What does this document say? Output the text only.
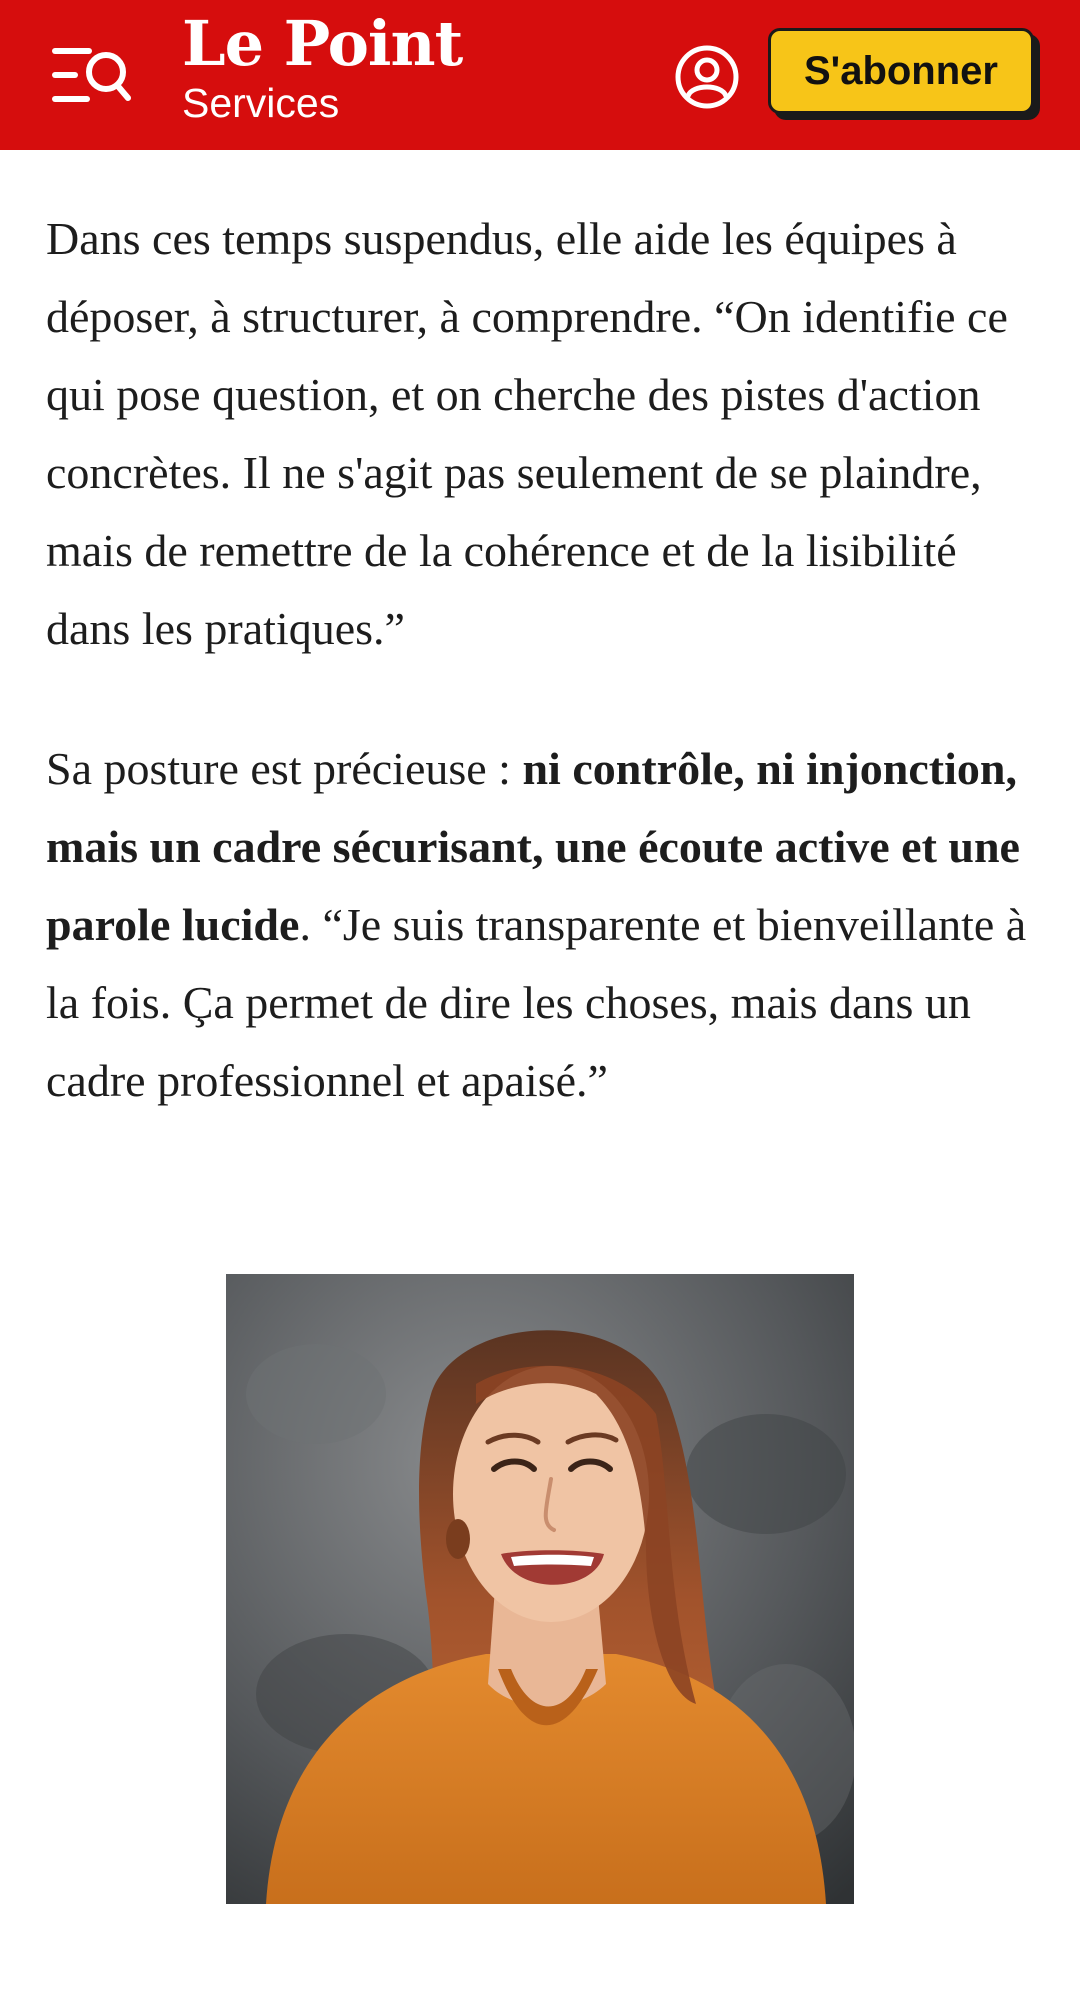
Le Point
Services
S'abonner

Dans ces temps suspendus, elle aide les équipes à déposer, à structurer, à comprendre. “On identifie ce qui pose question, et on cherche des pistes d'action concrètes. Il ne s'agit pas seulement de se plaindre, mais de remettre de la cohérence et de la lisibilité dans les pratiques.”

Sa posture est précieuse : ni contrôle, ni injonction, mais un cadre sécurisant, une écoute active et une parole lucide. “Je suis transparente et bienveillante à la fois. Ça permet de dire les choses, mais dans un cadre professionnel et apaisé.”
